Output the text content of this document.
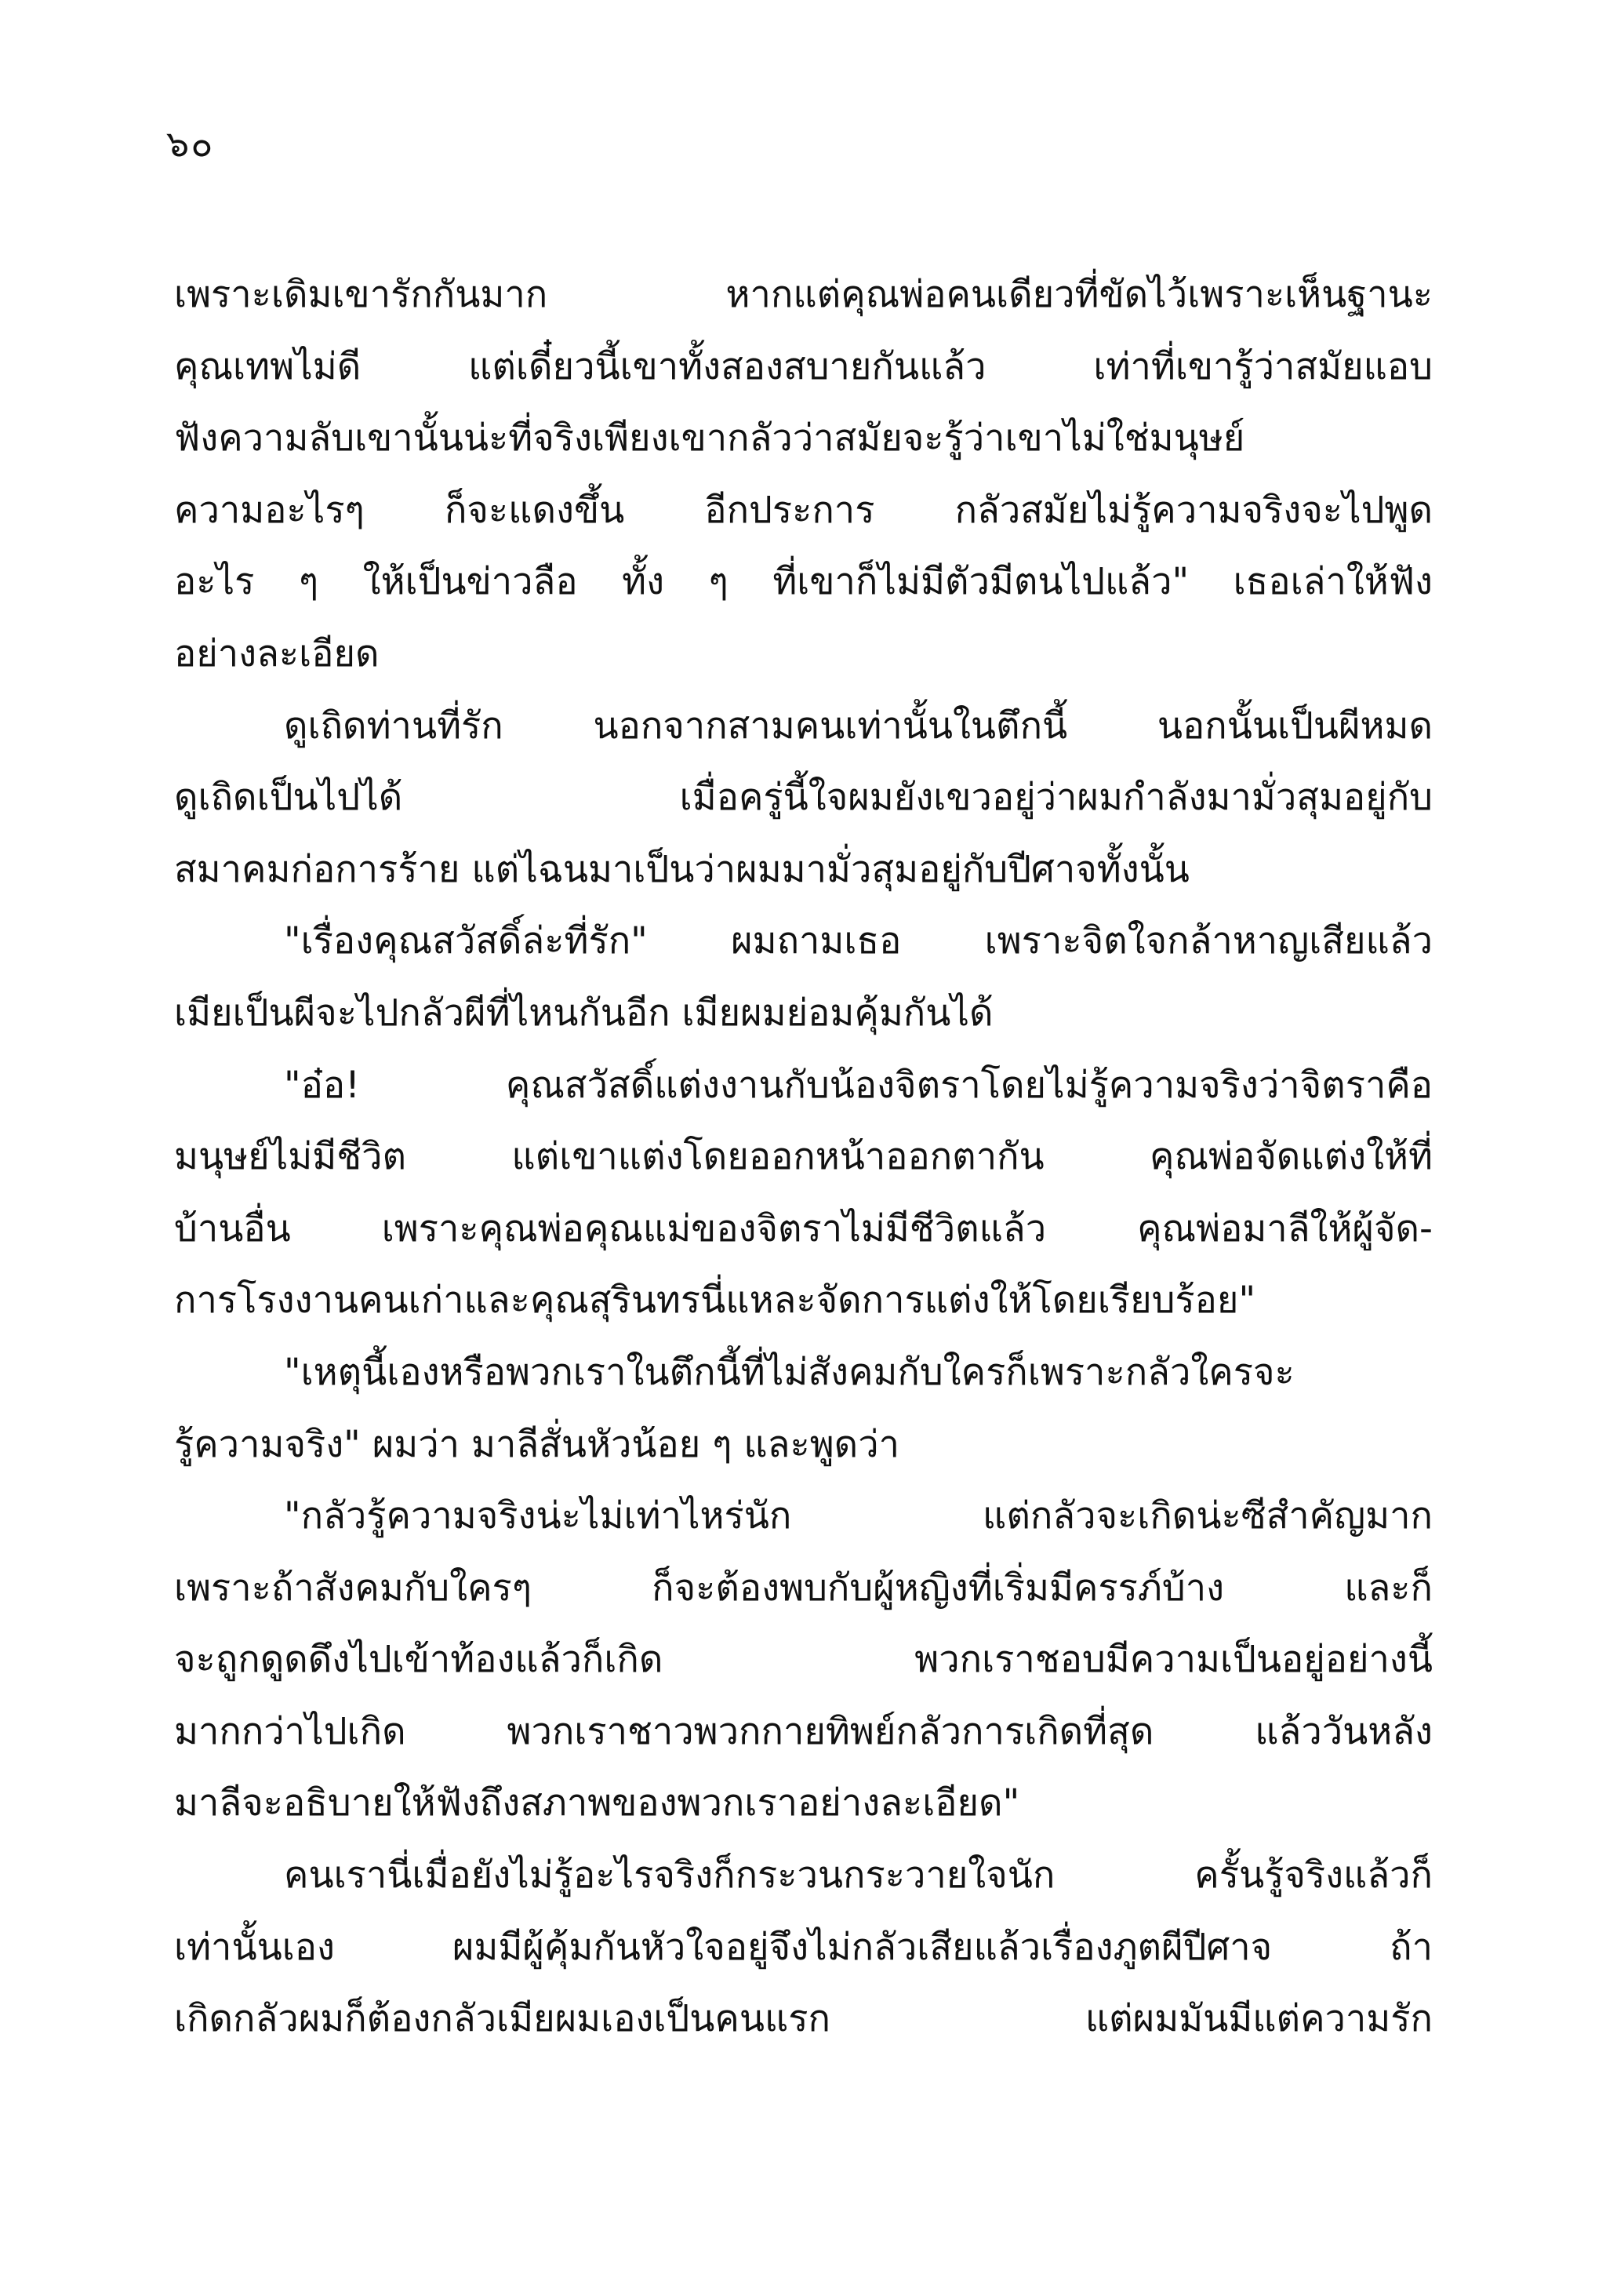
๖๐
เพราะเดิมเขารักกันมาก หากแต่คุณพ่อคนเดียวที่ขัดไว้เพราะเห็นฐานะ
คุณเทพไม่ดี แต่เดี๋ยวนี้เขาทั้งสองสบายกันแล้ว เท่าที่เขารู้ว่าสมัยแอบ
ฟังความลับเขานั้นน่ะที่จริงเพียงเขากลัวว่าสมัยจะรู้ว่าเขาไม่ใช่มนุษย์
ความอะไรๆ ก็จะแดงขึ้น อีกประการ กลัวสมัยไม่รู้ความจริงจะไปพูด
อะไร ๆ ให้เป็นข่าวลือ ทั้ง ๆ ที่เขาก็ไม่มีตัวมีตนไปแล้ว" เธอเล่าให้ฟัง
อย่างละเอียด
ดูเถิดท่านที่รัก นอกจากสามคนเท่านั้นในตึกนี้ นอกนั้นเป็นผีหมด
ดูเถิดเป็นไปได้ เมื่อครู่นี้ใจผมยังเขวอยู่ว่าผมกำลังมามั่วสุมอยู่กับ
สมาคมก่อการร้าย แต่ไฉนมาเป็นว่าผมมามั่วสุมอยู่กับปีศาจทั้งนั้น
"เรื่องคุณสวัสดิ์ล่ะที่รัก" ผมถามเธอ เพราะจิตใจกล้าหาญเสียแล้ว
เมียเป็นผีจะไปกลัวผีที่ไหนกันอีก เมียผมย่อมคุ้มกันได้
"อ๋อ! คุณสวัสดิ์แต่งงานกับน้องจิตราโดยไม่รู้ความจริงว่าจิตราคือ
มนุษย์ไม่มีชีวิต แต่เขาแต่งโดยออกหน้าออกตากัน คุณพ่อจัดแต่งให้ที่
บ้านอื่น เพราะคุณพ่อคุณแม่ของจิตราไม่มีชีวิตแล้ว คุณพ่อมาลีให้ผู้จัด-
การโรงงานคนเก่าและคุณสุรินทรนี่แหละจัดการแต่งให้โดยเรียบร้อย"
"เหตุนี้เองหรือพวกเราในตึกนี้ที่ไม่สังคมกับใครก็เพราะกลัวใครจะ
รู้ความจริง" ผมว่า มาลีสั่นหัวน้อย ๆ และพูดว่า
"กลัวรู้ความจริงน่ะไม่เท่าไหร่นัก แต่กลัวจะเกิดน่ะซีสำคัญมาก
เพราะถ้าสังคมกับใครๆ ก็จะต้องพบกับผู้หญิงที่เริ่มมีครรภ์บ้าง และก็
จะถูกดูดดึงไปเข้าท้องแล้วก็เกิด พวกเราชอบมีความเป็นอยู่อย่างนี้
มากกว่าไปเกิด พวกเราชาวพวกกายทิพย์กลัวการเกิดที่สุด แล้ววันหลัง
มาลีจะอธิบายให้ฟังถึงสภาพของพวกเราอย่างละเอียด"
คนเรานี่เมื่อยังไม่รู้อะไรจริงก็กระวนกระวายใจนัก ครั้นรู้จริงแล้วก็
เท่านั้นเอง ผมมีผู้คุ้มกันหัวใจอยู่จึงไม่กลัวเสียแล้วเรื่องภูตผีปีศาจ ถ้า
เกิดกลัวผมก็ต้องกลัวเมียผมเองเป็นคนแรก แต่ผมมันมีแต่ความรัก
